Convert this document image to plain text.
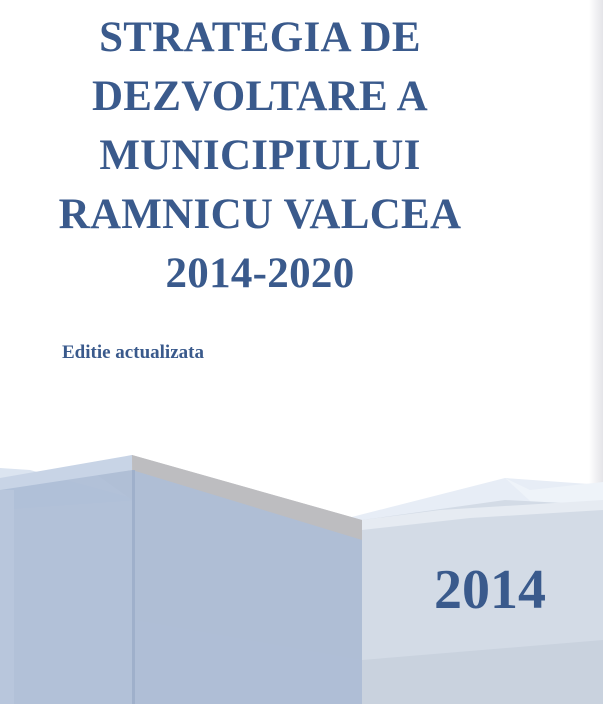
STRATEGIA DE
DEZVOLTARE A
MUNICIPIULUI
RAMNICU VALCEA
2014-2020
Editie actualizata
2014
